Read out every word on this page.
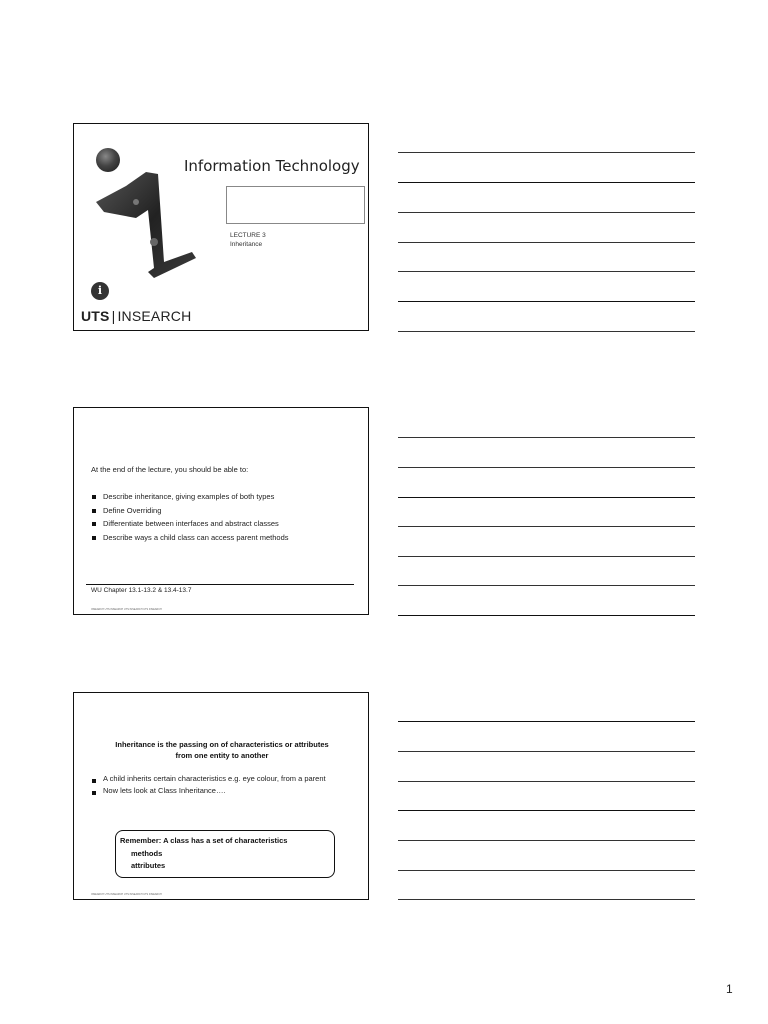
Information Technology
LECTURE 3
Inheritance
i
UTS | INSEARCH
At the end of the lecture, you should be able to:
Describe inheritance, giving examples of both types
Define Overriding
Differentiate between interfaces and abstract classes
Describe ways a child class can access parent methods
WU Chapter 13.1-13.2 & 13.4-13.7
INSEARCH UTS INSEARCH UTS INSEARCH UTS INSEARCH
Inheritance is the passing on of characteristics or attributes
from one entity to another
A child inherits certain characteristics e.g. eye colour, from a parent
Now lets look at Class Inheritance….
Remember: A class has a set of characteristics
methods
attributes
INSEARCH UTS INSEARCH UTS INSEARCH UTS INSEARCH
1
